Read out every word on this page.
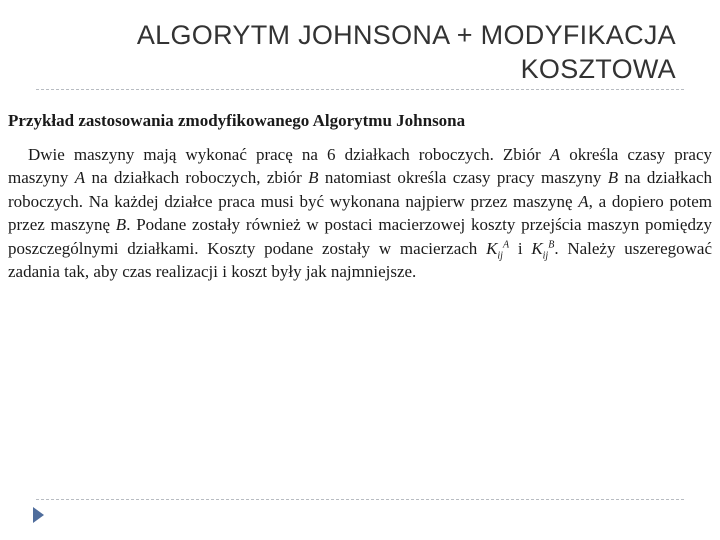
ALGORYTM JOHNSONA + MODYFIKACJA
KOSZTOWA

Przykład zastosowania zmodyfikowanego Algorytmu Johnsona

Dwie maszyny mają wykonać pracę na 6 działkach roboczych. Zbiór A określa czasy pracy maszyny A na działkach roboczych, zbiór B natomiast określa czasy pracy maszyny B na działkach roboczych. Na każdej działce praca musi być wykonana najpierw przez maszynę A, a dopiero potem przez maszynę B. Podane zostały również w postaci macierzowej koszty przejścia maszyn pomiędzy poszczególnymi działkami. Koszty podane zostały w macierzach $K_{ij}^A$ i $K_{ij}^B$. Należy uszeregować zadania tak, aby czas realizacji i koszt były jak najmniejsze.
